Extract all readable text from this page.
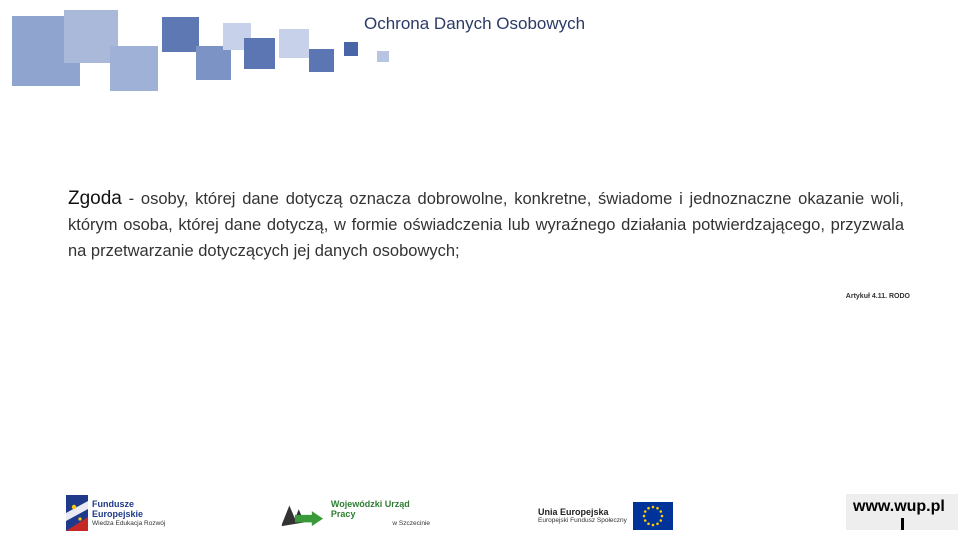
Ochrona Danych Osobowych
Zgoda - osoby, której dane dotyczą oznacza dobrowolne, konkretne, świadome i jednoznaczne okazanie woli, którym osoba, której dane dotyczą, w formie oświadczenia lub wyraźnego działania potwierdzającego, przyzwala na przetwarzanie dotyczących jej danych osobowych;
Artykuł 4.11. RODO
Fundusze
Europejskie
Wiedza Edukacja Rozwój
Wojewódzki Urząd Pracy
w Szczecinie
Unia Europejska
Europejski Fundusz Społeczny
www.wup.pl
